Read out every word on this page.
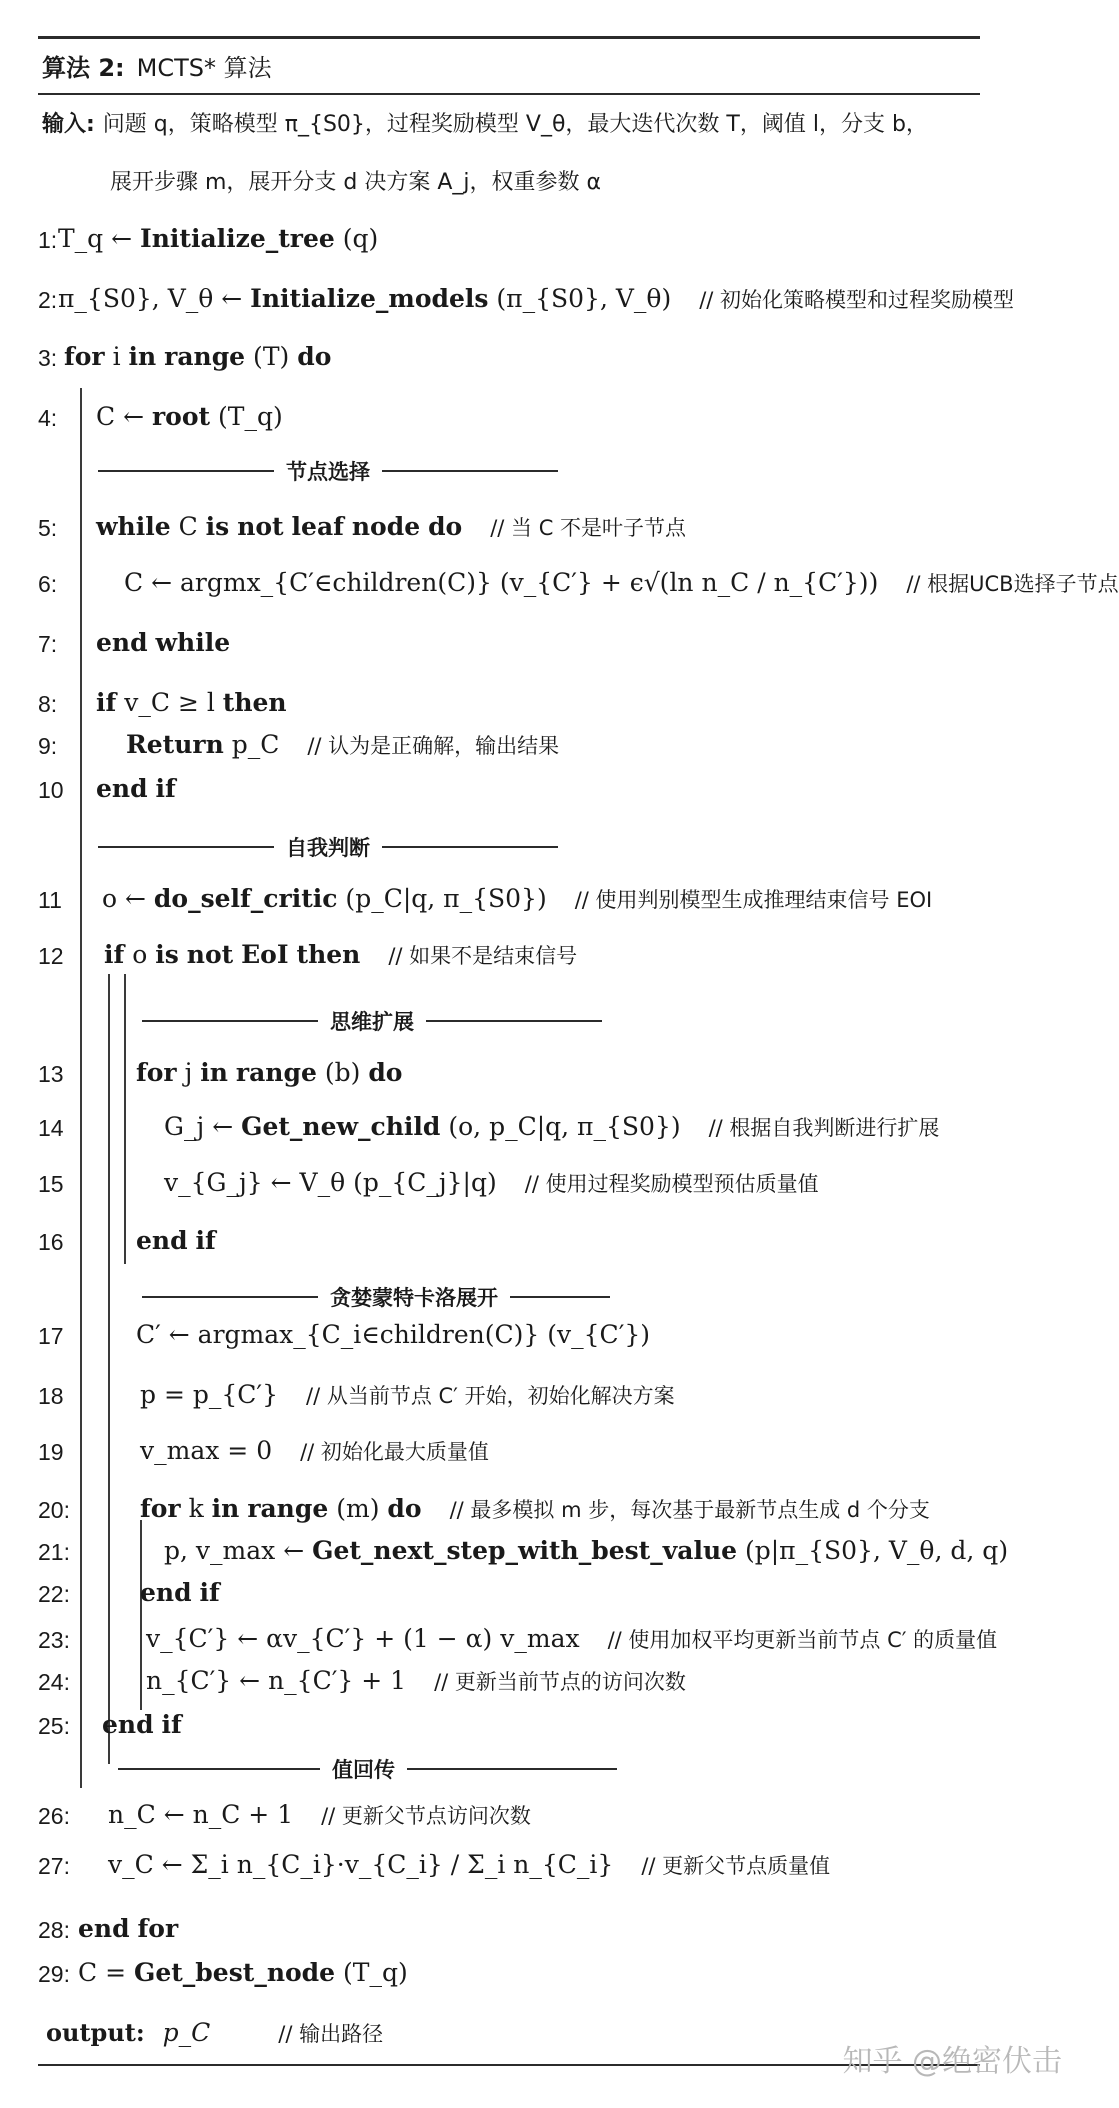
算法 2: MCTS* 算法
输入: 问题 q，策略模型 π_{S0}，过程奖励模型 V_θ，最大迭代次数 T，阈值 l，分支 b，
展开步骤 m，展开分支 d 决方案 A_j，权重参数 α
节点选择
自我判断
思维扩展
贪婪蒙特卡洛展开
值回传
1: T_q ← Initialize_tree (q)
2: π_{S0}, V_θ ← Initialize_models (π_{S0}, V_θ) // 初始化策略模型和过程奖励模型
3: for i in range (T) do
4: C ← root (T_q)
5: while C is not leaf node do // 当 C 不是叶子节点
6:	C ← argmx_{C′∈children(C)} (v_{C′} + ϵ√(ln n_C / n_{C′})) // 根据UCB选择子节点
7: end while
8: if v_C ≥ l then
9:	Return p_C // 认为是正确解，输出结果
10 end if
11 o ← do_self_critic (p_C|q, π_{S0}) // 使用判别模型生成推理结束信号 EOI
12 if o is not EoI then // 如果不是结束信号
13	for j in range (b) do
14	G_j ← Get_new_child (o, p_C|q, π_{S0}) // 根据自我判断进行扩展
15	v_{G_j} ← V_θ (p_{C_j}|q) // 使用过程奖励模型预估质量值
16	end if
17	C′ ← argmax_{C_i∈children(C)} (v_{C′})
18	p = p_{C′} // 从当前节点 C′ 开始，初始化解决方案
19	v_max = 0 // 初始化最大质量值
20:	for k in range (m) do // 最多模拟 m 步，每次基于最新节点生成 d 个分支
21:	p, v_max ← Get_next_step_with_best_value (p|π_{S0}, V_θ, d, q)
22:	end if
23:	v_{C′} ← αv_{C′} + (1 − α) v_max // 使用加权平均更新当前节点 C′ 的质量值
24:	n_{C′} ← n_{C′} + 1 // 更新当前节点的访问次数
25: end if
26: n_C ← n_C + 1 // 更新父节点访问次数
27: v_C ← Σ_i n_{C_i}·v_{C_i} / Σ_i n_{C_i} // 更新父节点质量值
28: end for
29: C = Get_best_node (T_q)
output: p_C	// 输出路径
知乎 @绝密伏击
